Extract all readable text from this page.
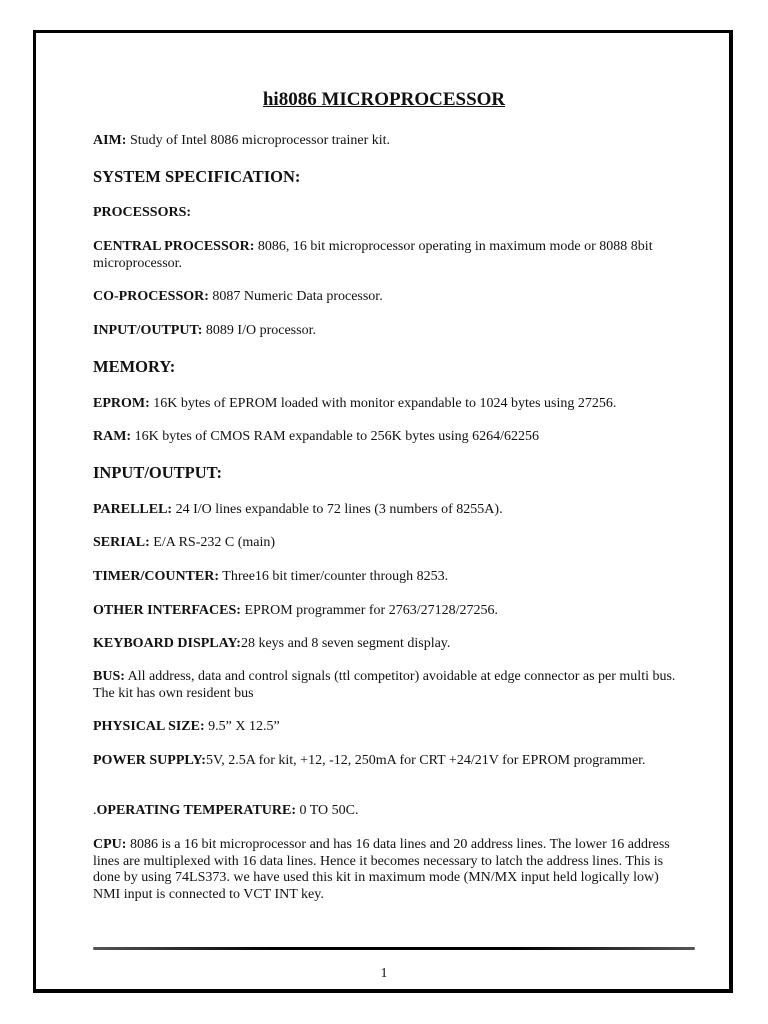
hi8086 MICROPROCESSOR
AIM: Study of Intel 8086 microprocessor trainer kit.
SYSTEM SPECIFICATION:
PROCESSORS:
CENTRAL PROCESSOR: 8086, 16 bit microprocessor operating in maximum mode or 8088 8bit microprocessor.
CO-PROCESSOR: 8087 Numeric Data processor.
INPUT/OUTPUT: 8089 I/O processor.
MEMORY:
EPROM: 16K bytes of EPROM loaded with monitor expandable to 1024 bytes using 27256.
RAM: 16K bytes of CMOS RAM expandable to 256K bytes using 6264/62256
INPUT/OUTPUT:
PARELLEL: 24 I/O lines expandable to 72 lines (3 numbers of 8255A).
SERIAL: E/A RS-232 C (main)
TIMER/COUNTER: Three16 bit timer/counter through 8253.
OTHER INTERFACES: EPROM programmer for 2763/27128/27256.
KEYBOARD DISPLAY:28 keys and 8 seven segment display.
BUS: All address, data and control signals (ttl competitor) avoidable at edge connector as per multi bus. The kit has own resident bus
PHYSICAL SIZE: 9.5” X 12.5”
POWER SUPPLY:5V, 2.5A for kit, +12, -12, 250mA for CRT +24/21V for EPROM programmer.
.OPERATING TEMPERATURE: 0 TO 50C.
CPU: 8086 is a 16 bit microprocessor and has 16 data lines and 20 address lines. The lower 16 address lines are multiplexed with 16 data lines. Hence it becomes necessary to latch the address lines. This is done by using 74LS373. we have used this kit in maximum mode (MN/MX input held logically low) NMI input is connected to VCT INT key.
1
